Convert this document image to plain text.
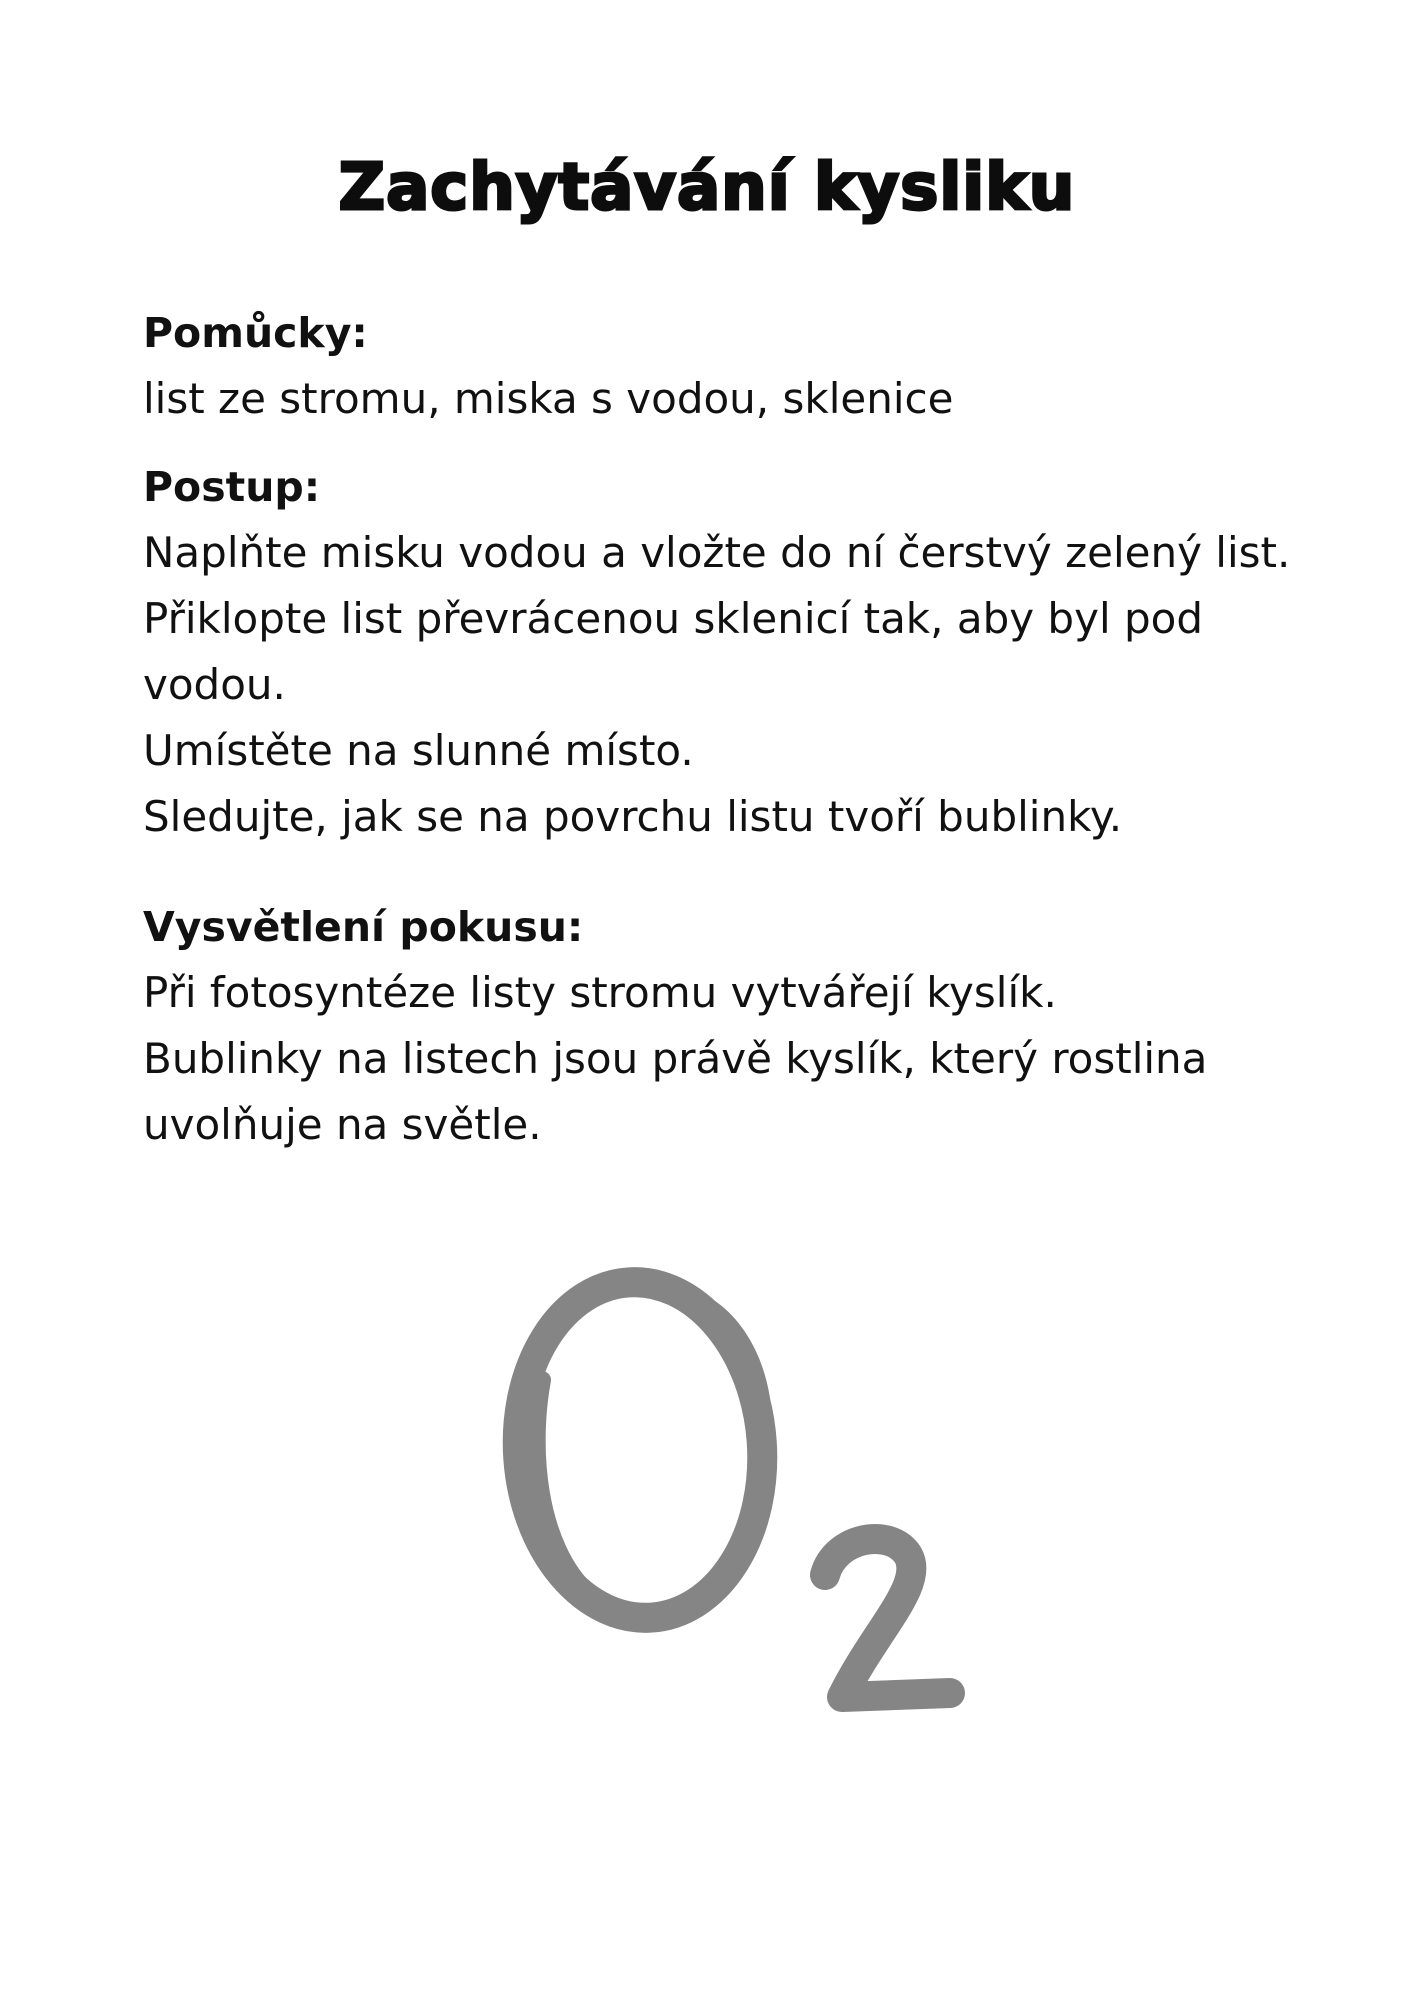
Zachytávání kysliku

Pomůcky:

list ze stromu, miska s vodou, sklenice

Postup:

Naplňte misku vodou a vložte do ní čerstvý zelený list.

Přiklopte list převrácenou sklenicí tak, aby byl pod

vodou.

Umístěte na slunné místo.

Sledujte, jak se na povrchu listu tvoří bublinky.

Vysvětlení pokusu:

Při fotosyntéze listy stromu vytvářejí kyslík.

Bublinky na listech jsou právě kyslík, který rostlina

uvolňuje na světle.
